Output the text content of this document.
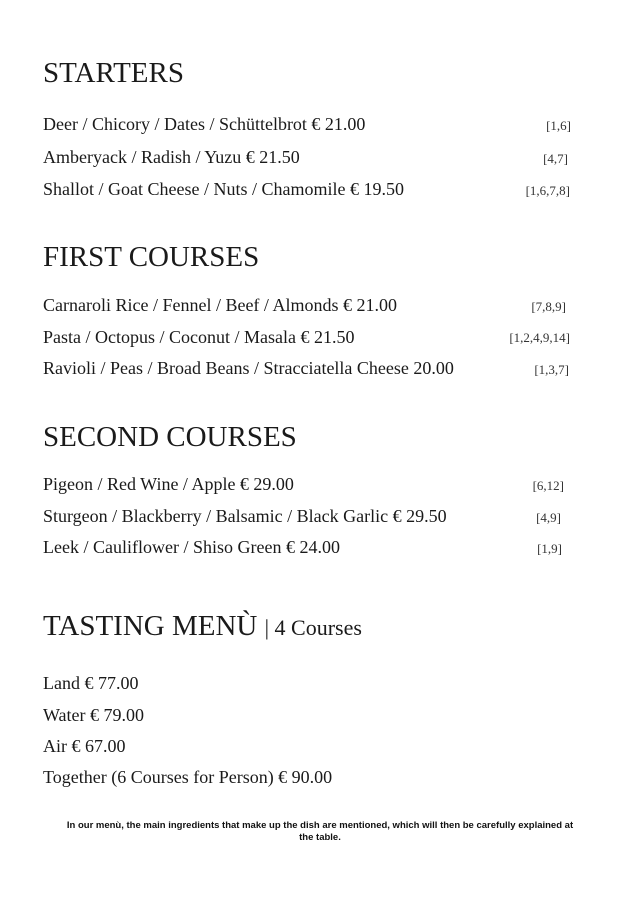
STARTERS
Deer / Chicory / Dates / Schüttelbrot € 21.00	[1,6]
Amberyack / Radish / Yuzu € 21.50	[4,7]
Shallot / Goat Cheese / Nuts / Chamomile € 19.50	[1,6,7,8]
FIRST COURSES
Carnaroli Rice / Fennel / Beef / Almonds € 21.00	[7,8,9]
Pasta / Octopus / Coconut / Masala € 21.50	[1,2,4,9,14]
Ravioli / Peas / Broad Beans / Stracciatella Cheese 20.00	[1,3,7]
SECOND COURSES
Pigeon / Red Wine / Apple € 29.00	[6,12]
Sturgeon / Blackberry / Balsamic / Black Garlic € 29.50	[4,9]
Leek / Cauliflower / Shiso Green € 24.00	[1,9]
TASTING MENÙ | 4 Courses
Land € 77.00
Water € 79.00
Air € 67.00
Together (6 Courses for Person) € 90.00
In our menù, the main ingredients that make up the dish are mentioned, which will then be carefully explained at the table.
